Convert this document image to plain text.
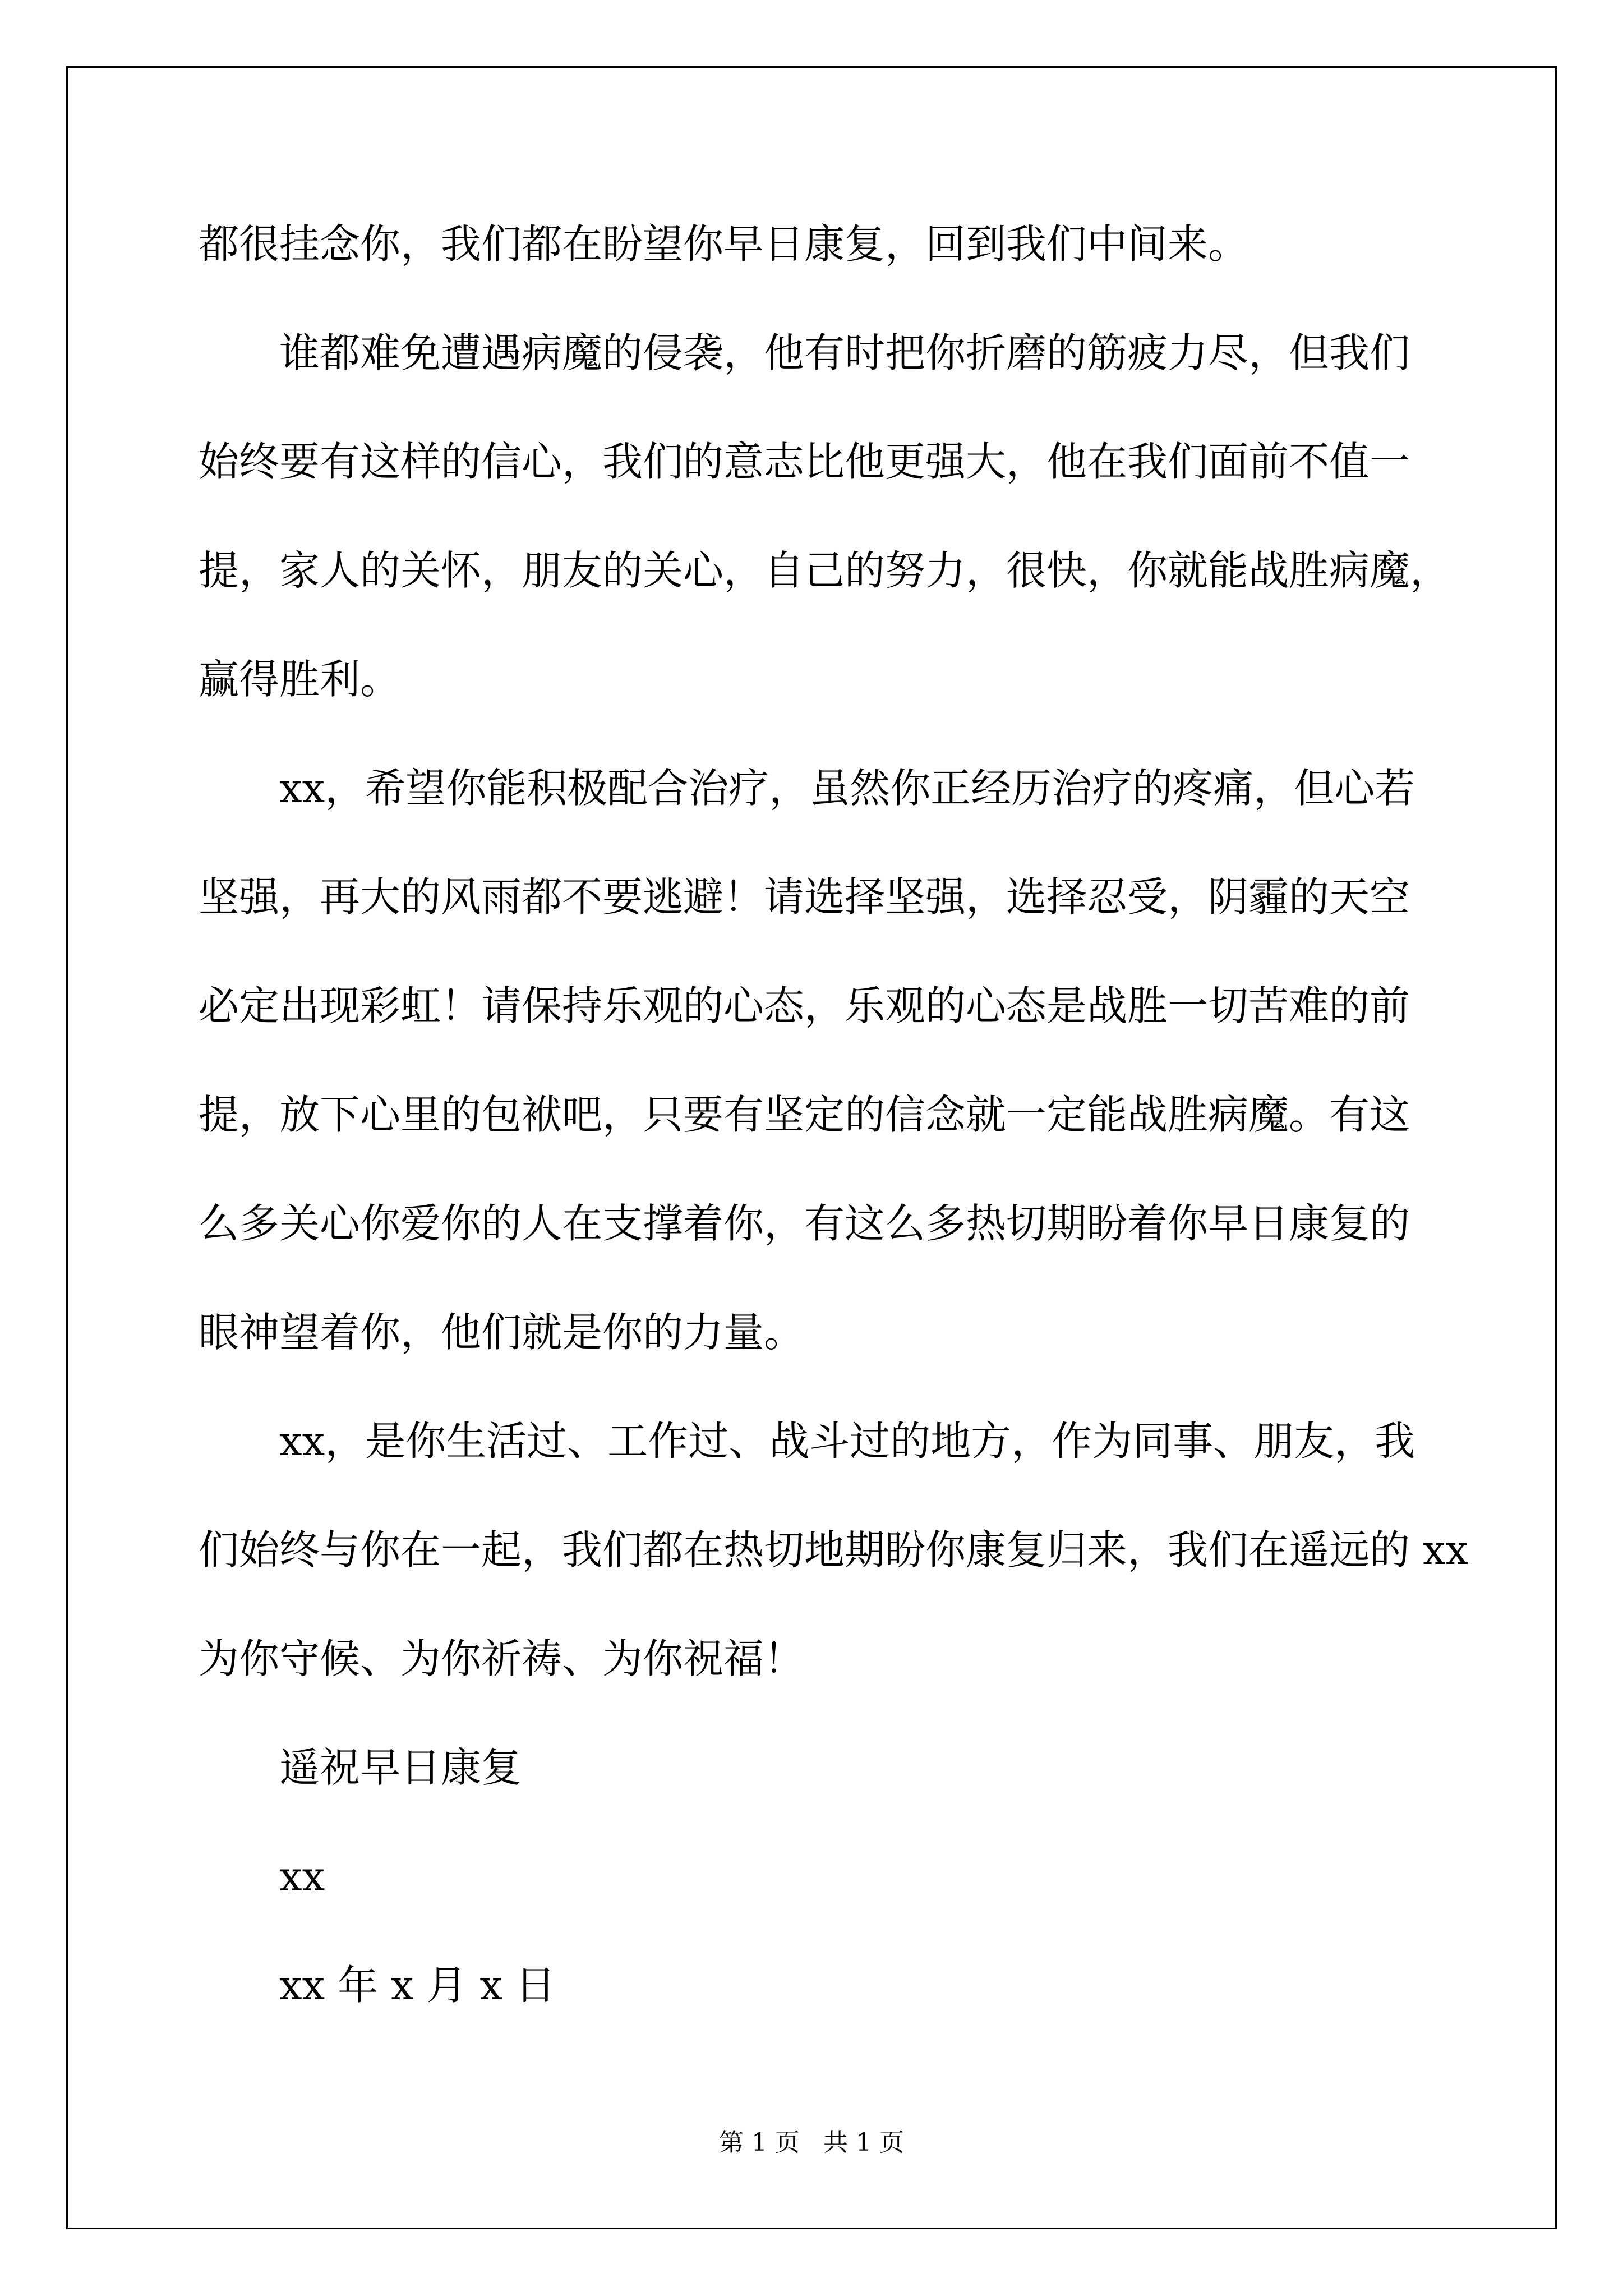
都很挂念你，我们都在盼望你早日康复，回到我们中间来。
谁都难免遭遇病魔的侵袭，他有时把你折磨的筋疲力尽，但我们
始终要有这样的信心，我们的意志比他更强大，他在我们面前不值一
提，家人的关怀，朋友的关心，自己的努力，很快，你就能战胜病魔，
赢得胜利。
xx，希望你能积极配合治疗，虽然你正经历治疗的疼痛，但心若
坚强，再大的风雨都不要逃避！请选择坚强，选择忍受，阴霾的天空
必定出现彩虹！请保持乐观的心态，乐观的心态是战胜一切苦难的前
提，放下心里的包袱吧，只要有坚定的信念就一定能战胜病魔。有这
么多关心你爱你的人在支撑着你，有这么多热切期盼着你早日康复的
眼神望着你，他们就是你的力量。
xx，是你生活过、工作过、战斗过的地方，作为同事、朋友，我
们始终与你在一起，我们都在热切地期盼你康复归来，我们在遥远的 xx
为你守候、为你祈祷、为你祝福！
遥祝早日康复
xx
xx 年 x 月 x 日
第 1 页   共 1 页
